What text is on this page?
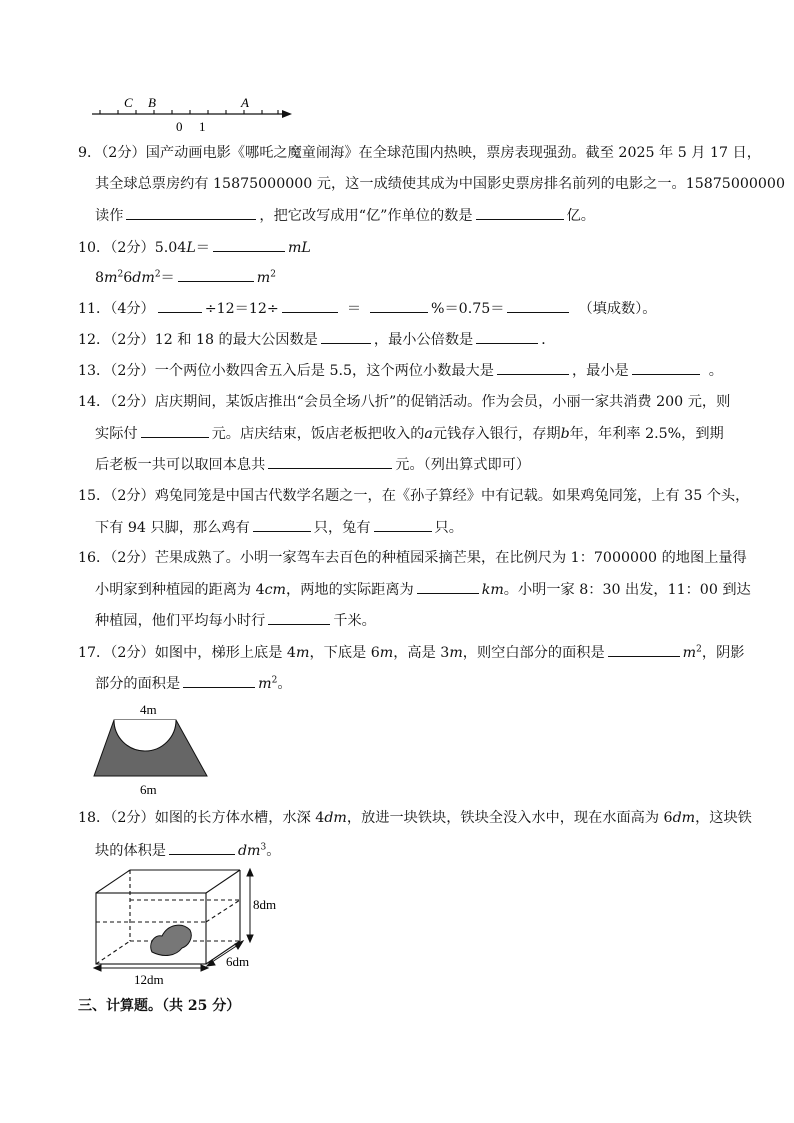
C B	A
0 1
9．（2分）国产动画电影《哪吒之魔童闹海》在全球范围内热映，票房表现强劲。截至 2025 年 5 月 17 日，
其全球总票房约有 15875000000 元，这一成绩使其成为中国影史票房排名前列的电影之一。15875000000
读作	，把它改写成用“亿”作单位的数是	亿。
10．（2分）5.04L＝	mL
$8m^26dm^2=$	$m^2$
11．（4分）	÷12＝12÷	＝	%＝0.75＝	（填成数）。
12．（2分）12 和 18 的最大公因数是	，最小公倍数是	．
13．（2分）一个两位小数四舍五入后是 5.5，这个两位小数最大是	，最小是	。
14．（2分）店庆期间，某饭店推出“会员全场八折”的促销活动。作为会员，小丽一家共消费 200 元，则
实际付	元。店庆结束，饭店老板把收入的a元钱存入银行，存期b年，年利率 2.5%，到期
后老板一共可以取回本息共	元。（列出算式即可）
15．（2分）鸡兔同笼是中国古代数学名题之一，在《孙子算经》中有记载。如果鸡兔同笼，上有 35 个头，
下有 94 只脚，那么鸡有	只，兔有	只。
16．（2分）芒果成熟了。小明一家驾车去百色的种植园采摘芒果，在比例尺为 1：7000000 的地图上量得
小明家到种植园的距离为 4cm，两地的实际距离为	km。小明一家 8：30 出发，11：00 到达
种植园，他们平均每小时行	千米。
17．（2分）如图中，梯形上底是 4m，下底是 6m，高是 3m，则空白部分的面积是	$m^2$，阴影
部分的面积是	$m^2$。
4m
6m
18．（2分）如图的长方体水槽，水深 4dm，放进一块铁块，铁块全没入水中，现在水面高为 6dm，这块铁
块的体积是	$dm^3$。
8dm
6dm
12dm
三、计算题。（共 25 分）
